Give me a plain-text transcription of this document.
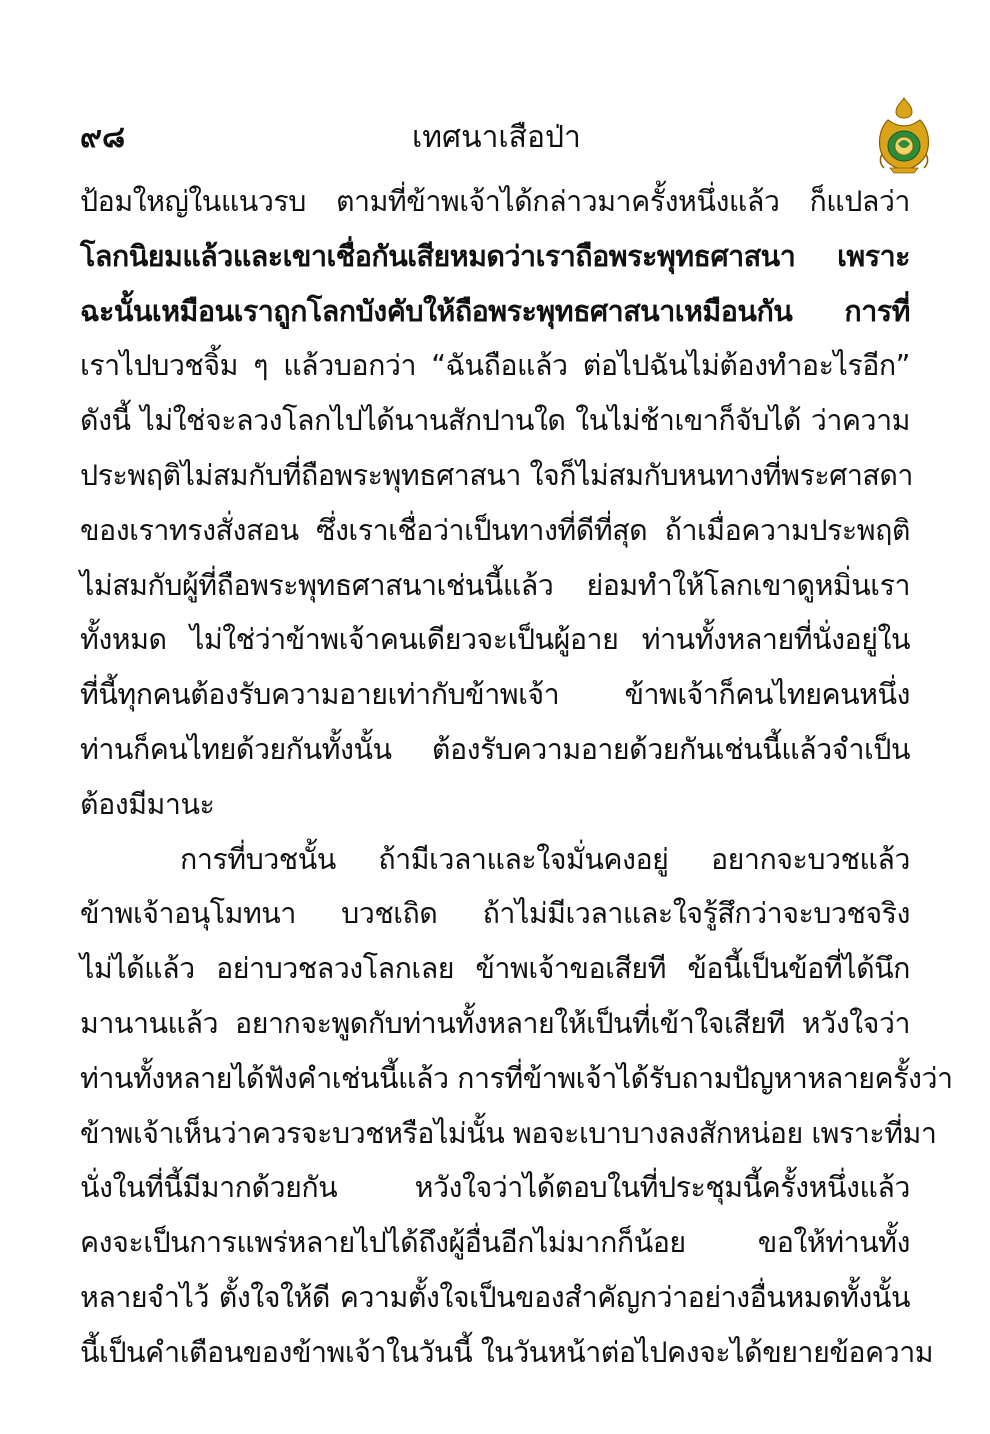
๙๘	เทศนาเสือป่า
ป้อมใหญ่ในแนวรบ ตามที่ข้าพเจ้าได้กล่าวมาครั้งหนึ่งแล้ว ก็แปลว่า
โลกนิยมแล้วและเขาเชื่อกันเสียหมดว่าเราถือพระพุทธศาสนา เพราะ
ฉะนั้นเหมือนเราถูกโลกบังคับให้ถือพระพุทธศาสนาเหมือนกัน การที่
เราไปบวชจิ้ม ๆ แล้วบอกว่า “ฉันถือแล้ว ต่อไปฉันไม่ต้องทำอะไรอีก”
ดังนี้ ไม่ใช่จะลวงโลกไปได้นานสักปานใด ในไม่ช้าเขาก็จับได้ ว่าความ
ประพฤติไม่สมกับที่ถือพระพุทธศาสนา ใจก็ไม่สมกับหนทางที่พระศาสดา
ของเราทรงสั่งสอน ซึ่งเราเชื่อว่าเป็นทางที่ดีที่สุด ถ้าเมื่อความประพฤติ
ไม่สมกับผู้ที่ถือพระพุทธศาสนาเช่นนี้แล้ว ย่อมทำให้โลกเขาดูหมิ่นเรา
ทั้งหมด ไม่ใช่ว่าข้าพเจ้าคนเดียวจะเป็นผู้อาย ท่านทั้งหลายที่นั่งอยู่ใน
ที่นี้ทุกคนต้องรับความอายเท่ากับข้าพเจ้า ข้าพเจ้าก็คนไทยคนหนึ่ง
ท่านก็คนไทยด้วยกันทั้งนั้น ต้องรับความอายด้วยกันเช่นนี้แล้วจำเป็น
ต้องมีมานะ
การที่บวชนั้น ถ้ามีเวลาและใจมั่นคงอยู่ อยากจะบวชแล้ว
ข้าพเจ้าอนุโมทนา บวชเถิด ถ้าไม่มีเวลาและใจรู้สึกว่าจะบวชจริง
ไม่ได้แล้ว อย่าบวชลวงโลกเลย ข้าพเจ้าขอเสียที ข้อนี้เป็นข้อที่ได้นึก
มานานแล้ว อยากจะพูดกับท่านทั้งหลายให้เป็นที่เข้าใจเสียที หวังใจว่า
ท่านทั้งหลายได้ฟังคำเช่นนี้แล้ว การที่ข้าพเจ้าได้รับถามปัญหาหลายครั้งว่า
ข้าพเจ้าเห็นว่าควรจะบวชหรือไม่นั้น พอจะเบาบางลงสักหน่อย เพราะที่มา
นั่งในที่นี้มีมากด้วยกัน หวังใจว่าได้ตอบในที่ประชุมนี้ครั้งหนึ่งแล้ว
คงจะเป็นการแพร่หลายไปได้ถึงผู้อื่นอีกไม่มากก็น้อย ขอให้ท่านทั้ง
หลายจำไว้ ตั้งใจให้ดี ความตั้งใจเป็นของสำคัญกว่าอย่างอื่นหมดทั้งนั้น
นี้เป็นคำเตือนของข้าพเจ้าในวันนี้ ในวันหน้าต่อไปคงจะได้ขยายข้อความ
